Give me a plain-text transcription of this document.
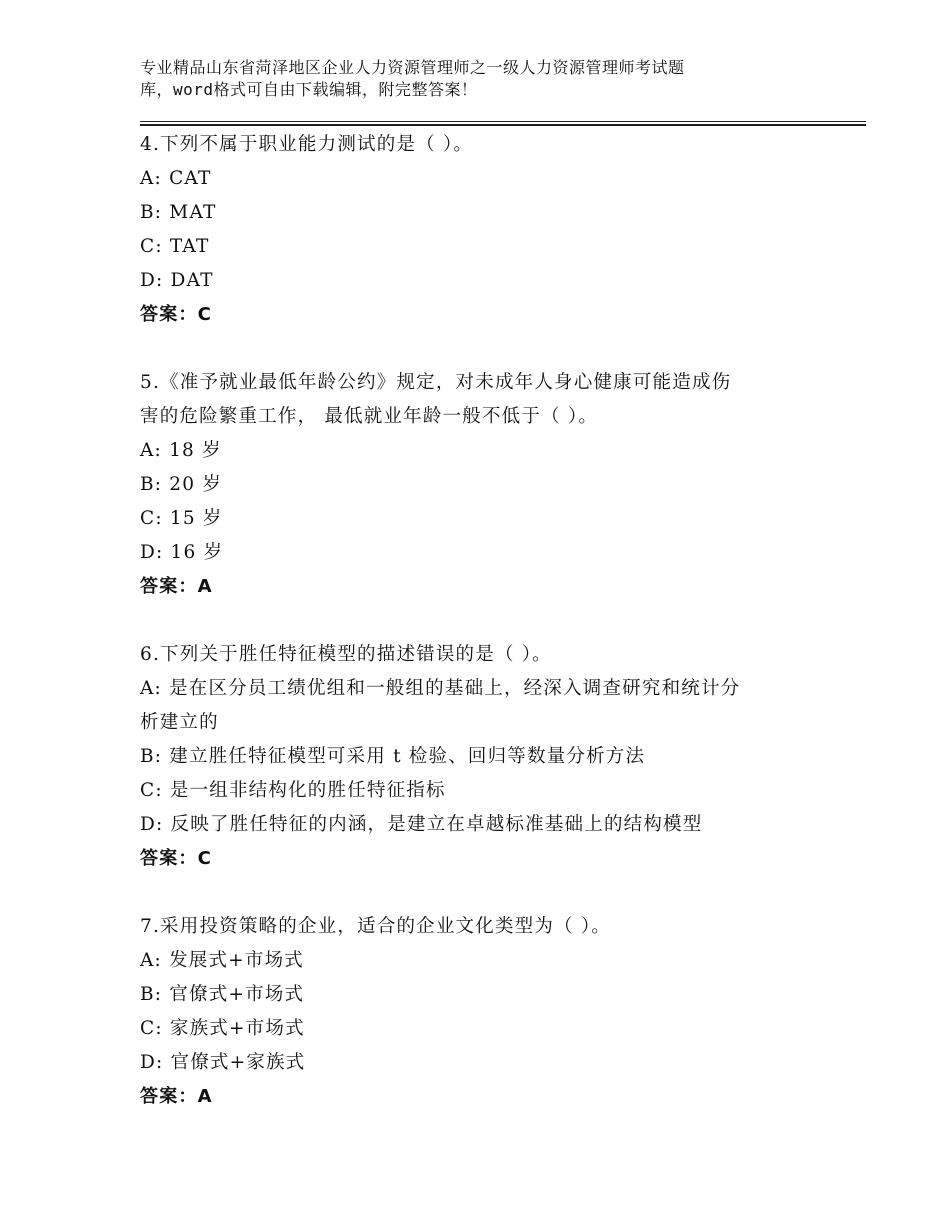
专业精品山东省菏泽地区企业人力资源管理师之一级人力资源管理师考试题
库，word格式可自由下载编辑，附完整答案！
4.下列不属于职业能力测试的是（ ）。
A: CAT
B: MAT
C: TAT
D: DAT
答案：C
5.《准予就业最低年龄公约》规定，对未成年人身心健康可能造成伤
害的危险繁重工作， 最低就业年龄一般不低于（ ）。
A: 18 岁
B: 20 岁
C: 15 岁
D: 16 岁
答案：A
6.下列关于胜任特征模型的描述错误的是（ ）。
A: 是在区分员工绩优组和一般组的基础上，经深入调查研究和统计分
析建立的
B: 建立胜任特征模型可采用 t 检验、回归等数量分析方法
C: 是一组非结构化的胜任特征指标
D: 反映了胜任特征的内涵，是建立在卓越标准基础上的结构模型
答案：C
7.采用投资策略的企业，适合的企业文化类型为（ ）。
A: 发展式+市场式
B: 官僚式+市场式
C: 家族式+市场式
D: 官僚式+家族式
答案：A
